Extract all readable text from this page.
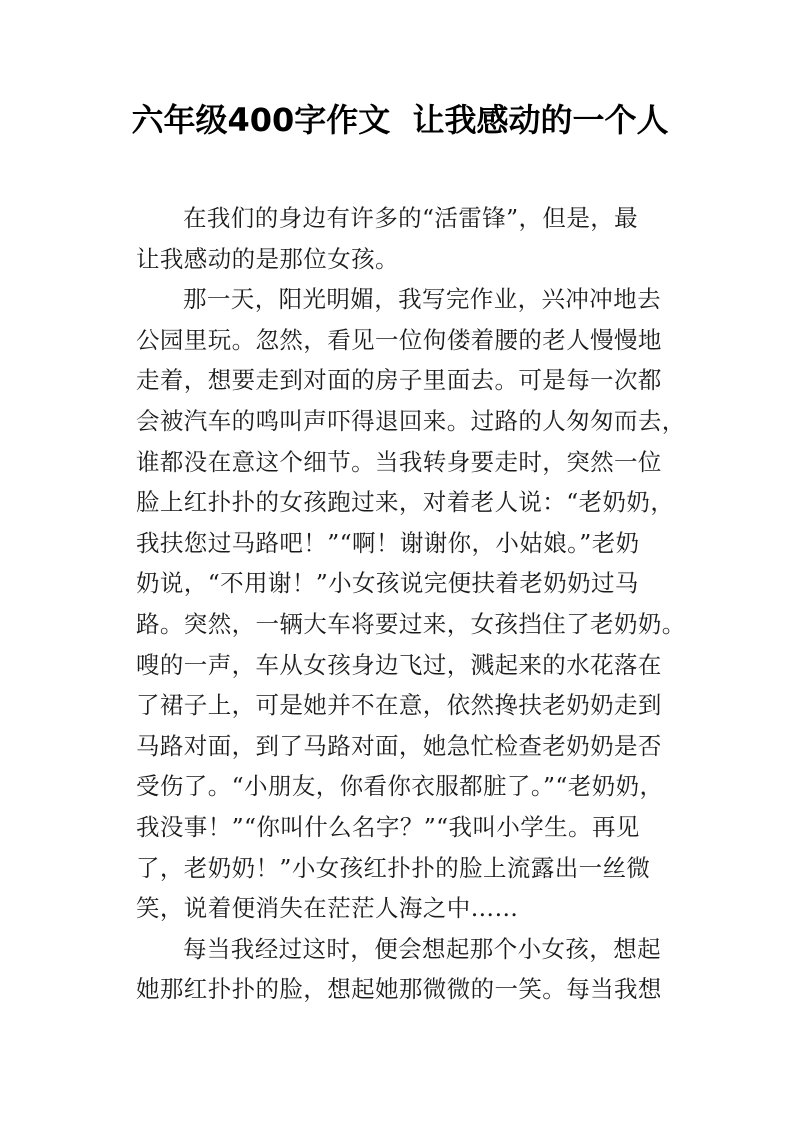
六年级400字作文  让我感动的一个人
在我们的身边有许多的“活雷锋”，但是，最
让我感动的是那位女孩。
那一天，阳光明媚，我写完作业，兴冲冲地去
公园里玩。忽然，看见一位佝偻着腰的老人慢慢地
走着，想要走到对面的房子里面去。可是每一次都
会被汽车的鸣叫声吓得退回来。过路的人匆匆而去，
谁都没在意这个细节。当我转身要走时，突然一位
脸上红扑扑的女孩跑过来，对着老人说：“老奶奶，
我扶您过马路吧！”“啊！谢谢你，小姑娘。”老奶
奶说，“不用谢！”小女孩说完便扶着老奶奶过马
路。突然，一辆大车将要过来，女孩挡住了老奶奶。
嗖的一声，车从女孩身边飞过，溅起来的水花落在
了裙子上，可是她并不在意，依然搀扶老奶奶走到
马路对面，到了马路对面，她急忙检查老奶奶是否
受伤了。“小朋友，你看你衣服都脏了。”“老奶奶，
我没事！”“你叫什么名字？”“我叫小学生。再见
了，老奶奶！”小女孩红扑扑的脸上流露出一丝微
笑，说着便消失在茫茫人海之中……
每当我经过这时，便会想起那个小女孩，想起
她那红扑扑的脸，想起她那微微的一笑。每当我想
